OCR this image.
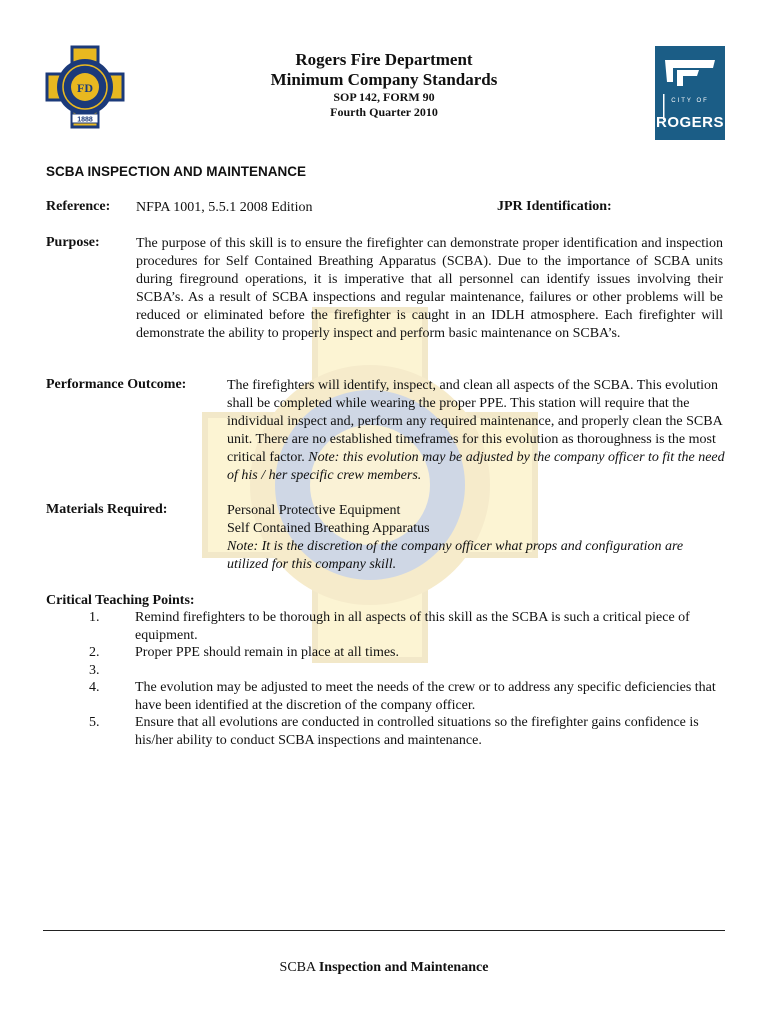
FD
1888
CITY OF
ROGERS
Rogers Fire Department
Minimum Company Standards
SOP 142, FORM 90
Fourth Quarter 2010
SCBA INSPECTION AND MAINTENANCE
Reference: NFPA 1001, 5.5.1 2008 Edition	JPR Identification:
Purpose:	The purpose of this skill is to ensure the firefighter can demonstrate proper identification and inspection procedures for Self Contained Breathing Apparatus (SCBA). Due to the importance of SCBA units during fireground operations, it is imperative that all personnel can identify issues involving their SCBA’s. As a result of SCBA inspections and regular maintenance, failures or other problems will be reduced or eliminated before the firefighter is caught in an IDLH atmosphere. Each firefighter will demonstrate the ability to properly inspect and perform basic maintenance on SCBA’s.
Performance Outcome:	The firefighters will identify, inspect, and clean all aspects of the SCBA. This evolution shall be completed while wearing the proper PPE. This station will require that the individual inspect and, perform any required maintenance, and properly clean the SCBA unit. There are no established timeframes for this evolution as thoroughness is the most critical factor. Note: this evolution may be adjusted by the company officer to fit the need of his / her specific crew members.
Materials Required:	Personal Protective Equipment
Self Contained Breathing Apparatus
Note: It is the discretion of the company officer what props and configuration are utilized for this company skill.
Critical Teaching Points:
1.	Remind firefighters to be thorough in all aspects of this skill as the SCBA is such a critical piece of equipment.
2.	Proper PPE should remain in place at all times.
3.
4.	The evolution may be adjusted to meet the needs of the crew or to address any specific deficiencies that have been identified at the discretion of the company officer.
5.	Ensure that all evolutions are conducted in controlled situations so the firefighter gains confidence is his/her ability to conduct SCBA inspections and maintenance.
SCBA Inspection and Maintenance
